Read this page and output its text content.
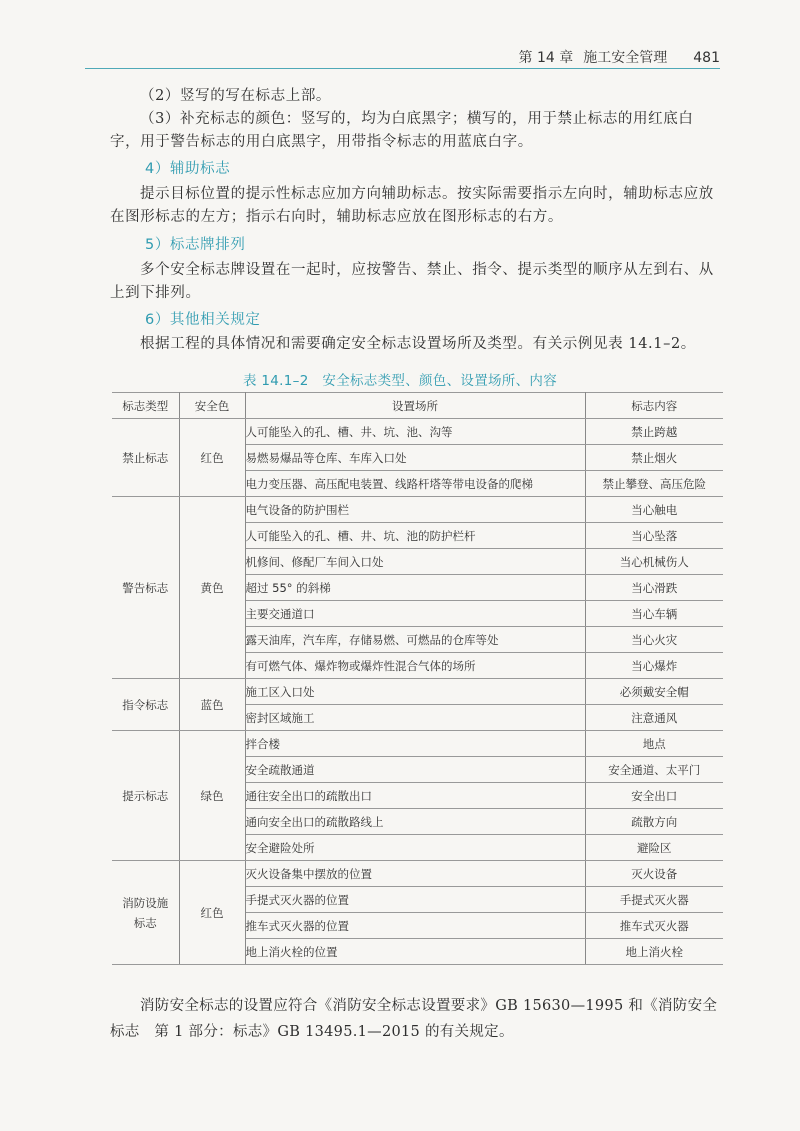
第 14 章 施工安全管理 481
（2）竖写的写在标志上部。
（3）补充标志的颜色：竖写的，均为白底黑字；横写的，用于禁止标志的用红底白字，用于警告标志的用白底黑字，用带指令标志的用蓝底白字。
4）辅助标志
提示目标位置的提示性标志应加方向辅助标志。按实际需要指示左向时，辅助标志应放在图形标志的左方；指示右向时，辅助标志应放在图形标志的右方。
5）标志牌排列
多个安全标志牌设置在一起时，应按警告、禁止、指令、提示类型的顺序从左到右、从上到下排列。
6）其他相关规定
根据工程的具体情况和需要确定安全标志设置场所及类型。有关示例见表 14.1–2。
表 14.1–2　安全标志类型、颜色、设置场所、内容
标志类型	安全色	设置场所	标志内容
禁止标志	红色	人可能坠入的孔、槽、井、坑、池、沟等	禁止跨越
		易燃易爆品等仓库、车库入口处	禁止烟火
		电力变压器、高压配电装置、线路杆塔等带电设备的爬梯	禁止攀登、高压危险
警告标志	黄色	电气设备的防护围栏	当心触电
		人可能坠入的孔、槽、井、坑、池的防护栏杆	当心坠落
		机修间、修配厂车间入口处	当心机械伤人
		超过 55° 的斜梯	当心滑跌
		主要交通道口	当心车辆
		露天油库，汽车库，存储易燃、可燃品的仓库等处	当心火灾
		有可燃气体、爆炸物或爆炸性混合气体的场所	当心爆炸
指令标志	蓝色	施工区入口处	必须戴安全帽
		密封区域施工	注意通风
提示标志	绿色	拌合楼	地点
		安全疏散通道	安全通道、太平门
		通往安全出口的疏散出口	安全出口
		通向安全出口的疏散路线上	疏散方向
		安全避险处所	避险区
消防设施标志	红色	灭火设备集中摆放的位置	灭火设备
		手提式灭火器的位置	手提式灭火器
		推车式灭火器的位置	推车式灭火器
		地上消火栓的位置	地上消火栓
消防安全标志的设置应符合《消防安全标志设置要求》GB 15630—1995 和《消防安全标志　第 1 部分：标志》GB 13495.1—2015 的有关规定。
